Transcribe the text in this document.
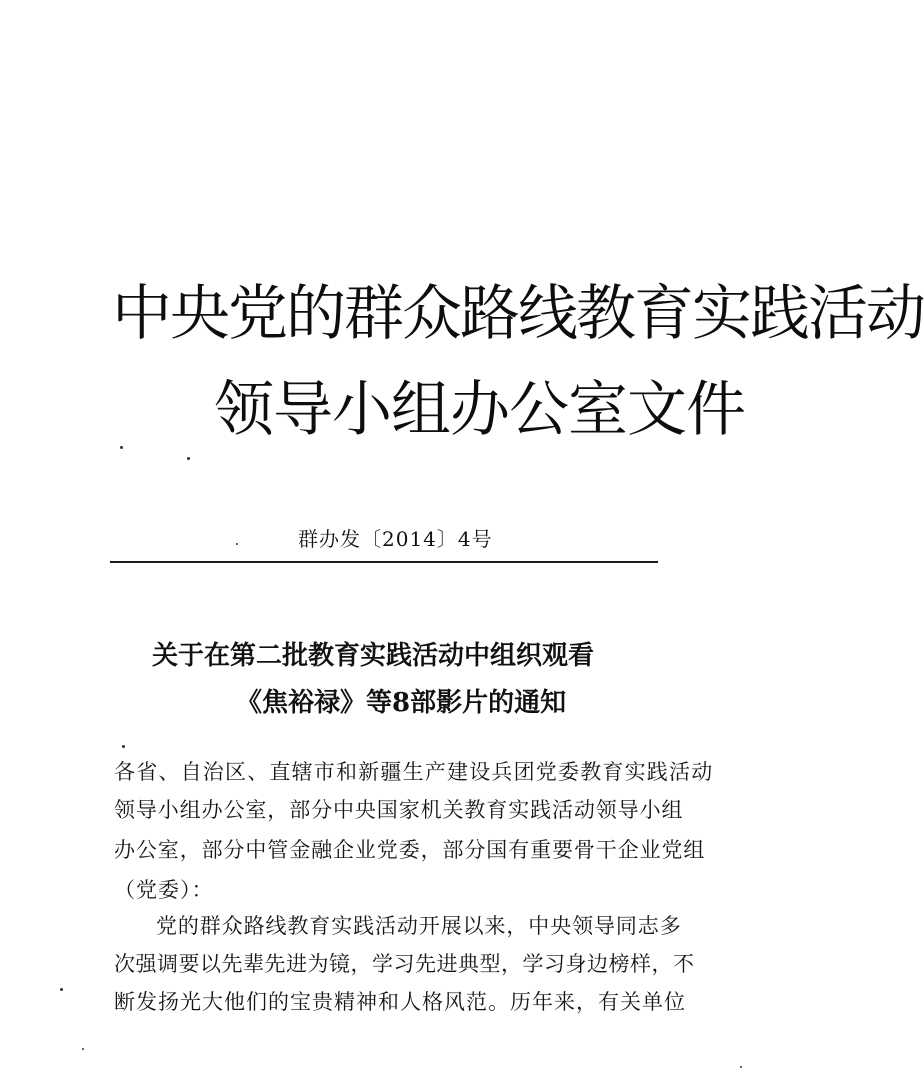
中央党的群众路线教育实践活动
领导小组办公室文件
群办发〔2014〕4号
关于在第二批教育实践活动中组织观看
《焦裕禄》等8部影片的通知
各省、自治区、直辖市和新疆生产建设兵团党委教育实践活动
领导小组办公室，部分中央国家机关教育实践活动领导小组
办公室，部分中管金融企业党委，部分国有重要骨干企业党组
（党委）：
党的群众路线教育实践活动开展以来，中央领导同志多
次强调要以先辈先进为镜，学习先进典型，学习身边榜样，不
断发扬光大他们的宝贵精神和人格风范。历年来，有关单位
